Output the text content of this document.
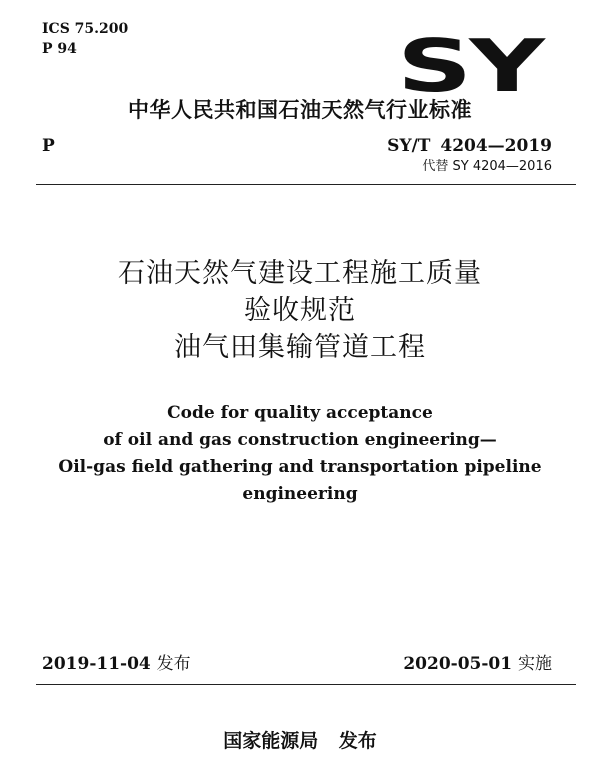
ICS 75.200
P 94	SY
中华人民共和国石油天然气行业标准
P	SY/T 4204—2019
代替 SY 4204—2016
石油天然气建设工程施工质量
验收规范
油气田集输管道工程
Code for quality acceptance
of oil and gas construction engineering—
Oil-gas field gathering and transportation pipeline engineering
2019-11-04 发布	2020-05-01 实施
国家能源局 发布
